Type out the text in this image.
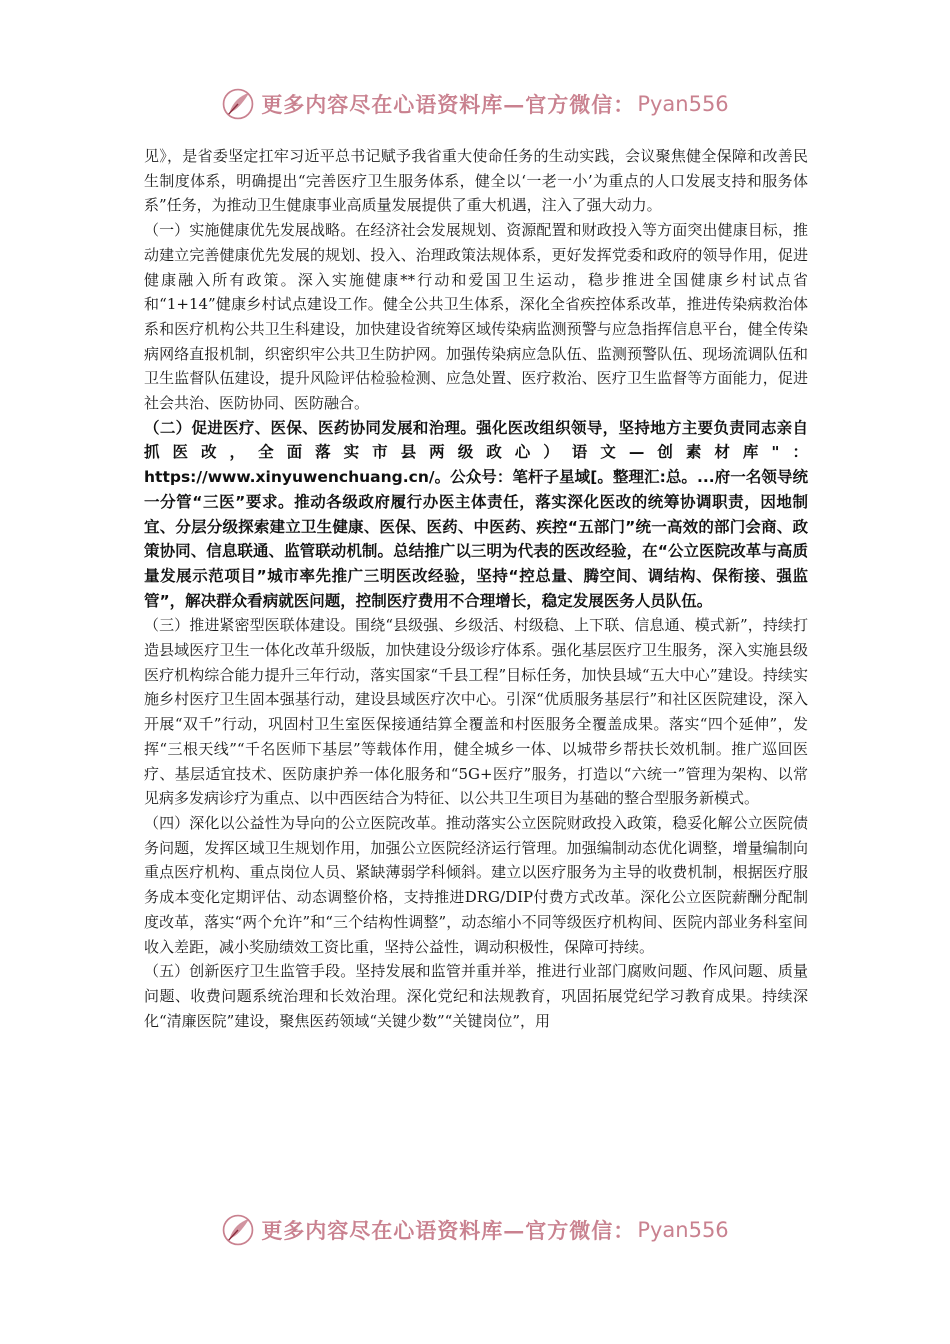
更多内容尽在心语资料库—官方微信： Pyan556

见》，是省委坚定扛牢习近平总书记赋予我省重大使命任务的生动实践，会议聚焦健全保障和改善民生制度体系，明确提出“完善医疗卫生服务体系，健全以‘一老一小’为重点的人口发展支持和服务体系”任务，为推动卫生健康事业高质量发展提供了重大机遇，注入了强大动力。

（一）实施健康优先发展战略。在经济社会发展规划、资源配置和财政投入等方面突出健康目标，推动建立完善健康优先发展的规划、投入、治理政策法规体系，更好发挥党委和政府的领导作用，促进健康融入所有政策。深入实施健康**行动和爱国卫生运动，稳步推进全国健康乡村试点省和“1+14”健康乡村试点建设工作。健全公共卫生体系，深化全省疾控体系改革，推进传染病救治体系和医疗机构公共卫生科建设，加快建设省统筹区域传染病监测预警与应急指挥信息平台，健全传染病网络直报机制，织密织牢公共卫生防护网。加强传染病应急队伍、监测预警队伍、现场流调队伍和卫生监督队伍建设，提升风险评估检验检测、应急处置、医疗救治、医疗卫生监督等方面能力，促进社会共治、医防协同、医防融合。

（二）促进医疗、医保、医药协同发展和治理。强化医改组织领导，坚持地方主要负责同志亲自抓医改，全面落实市县两级政心）语文—创素材库"：https://www.xinyuwenchuang.cn/。公众号：笔杆子星域[。整理汇:总。...府一名领导统一分管“三医”要求。推动各级政府履行办医主体责任，落实深化医改的统筹协调职责，因地制宜、分层分级探索建立卫生健康、医保、医药、中医药、疾控“五部门”统一高效的部门会商、政策协同、信息联通、监管联动机制。总结推广以三明为代表的医改经验，在“公立医院改革与高质量发展示范项目”城市率先推广三明医改经验，坚持“控总量、腾空间、调结构、保衔接、强监管”，解决群众看病就医问题，控制医疗费用不合理增长，稳定发展医务人员队伍。

（三）推进紧密型医联体建设。围绕“县级强、乡级活、村级稳、上下联、信息通、模式新”，持续打造县域医疗卫生一体化改革升级版，加快建设分级诊疗体系。强化基层医疗卫生服务，深入实施县级医疗机构综合能力提升三年行动，落实国家“千县工程”目标任务，加快县域“五大中心”建设。持续实施乡村医疗卫生固本强基行动，建设县域医疗次中心。引深“优质服务基层行”和社区医院建设，深入开展“双千”行动，巩固村卫生室医保接通结算全覆盖和村医服务全覆盖成果。落实“四个延伸”，发挥“三根天线”“千名医师下基层”等载体作用，健全城乡一体、以城带乡帮扶长效机制。推广巡回医疗、基层适宜技术、医防康护养一体化服务和“5G+医疗”服务，打造以“六统一”管理为架构、以常见病多发病诊疗为重点、以中西医结合为特征、以公共卫生项目为基础的整合型服务新模式。

（四）深化以公益性为导向的公立医院改革。推动落实公立医院财政投入政策，稳妥化解公立医院债务问题，发挥区域卫生规划作用，加强公立医院经济运行管理。加强编制动态优化调整，增量编制向重点医疗机构、重点岗位人员、紧缺薄弱学科倾斜。建立以医疗服务为主导的收费机制，根据医疗服务成本变化定期评估、动态调整价格，支持推进DRG/DIP付费方式改革。深化公立医院薪酬分配制度改革，落实“两个允许”和“三个结构性调整”，动态缩小不同等级医疗机构间、医院内部业务科室间收入差距，减小奖励绩效工资比重，坚持公益性，调动积极性，保障可持续。

（五）创新医疗卫生监管手段。坚持发展和监管并重并举，推进行业部门腐败问题、作风问题、质量问题、收费问题系统治理和长效治理。深化党纪和法规教育，巩固拓展党纪学习教育成果。持续深化“清廉医院”建设，聚焦医药领域“关键少数”“关键岗位”，用

更多内容尽在心语资料库—官方微信： Pyan556
